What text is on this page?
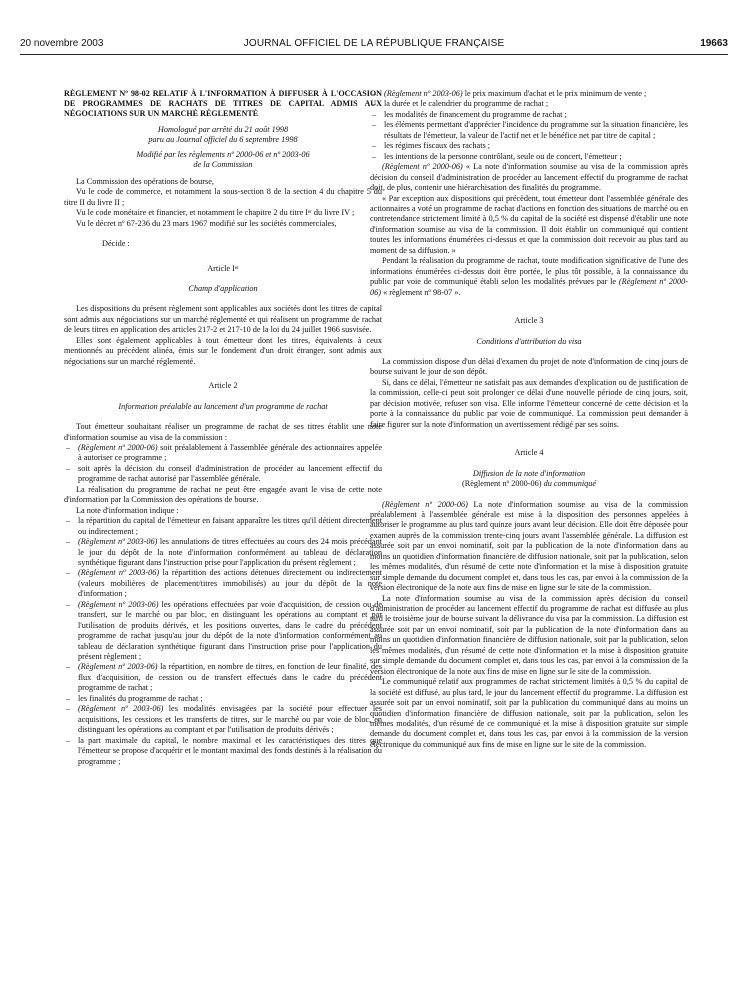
20 novembre 2003	JOURNAL OFFICIEL DE LA RÉPUBLIQUE FRANÇAISE	19663

RÈGLEMENT Nº 98-02 RELATIF À L'INFORMATION À DIFFUSER À L'OCCASION DE PROGRAMMES DE RACHATS DE TITRES DE CAPITAL ADMIS AUX NÉGOCIATIONS SUR UN MARCHÉ RÉGLEMENTÉ

Homologué par arrêté du 21 août 1998

paru au Journal officiel du 6 septembre 1998

Modifié par les règlements nº 2000-06 et nº 2003-06

de la Commission

La Commission des opérations de bourse,

Vu le code de commerce, et notamment la sous-section 8 de la section 4 du chapitre 5 du titre II du livre II ;

Vu le code monétaire et financier, et notamment le chapitre 2 du titre Iᵉʳ du livre IV ;

Vu le décret nº 67-236 du 23 mars 1967 modifié sur les sociétés commerciales,

Décide :

Article Iᵉʳ

Champ d'application

Les dispositions du présent règlement sont applicables aux sociétés dont les titres de capital sont admis aux négociations sur un marché réglementé et qui réalisent un programme de rachat de leurs titres en application des articles 217-2 et 217-10 de la loi du 24 juillet 1966 susvisée.

Elles sont également applicables à tout émetteur dont les titres, équivalents à ceux mentionnés au précédent alinéa, émis sur le fondement d'un droit étranger, sont admis aux négociations sur un marché réglementé.

Article 2

Information préalable au lancement d'un programme de rachat

Tout émetteur souhaitant réaliser un programme de rachat de ses titres établit une note d'information soumise au visa de la commission :

– (Règlement nº 2000-06) soit préalablement à l'assemblée générale des actionnaires appelée à autoriser ce programme ;
– soit après la décision du conseil d'administration de procéder au lancement effectif du programme de rachat autorisé par l'assemblée générale.

La réalisation du programme de rachat ne peut être engagée avant le visa de cette note d'information par la Commission des opérations de bourse.

La note d'information indique :

– la répartition du capital de l'émetteur en faisant apparaître les titres qu'il détient directement ou indirectement ;
– (Règlement nº 2003-06) les annulations de titres effectuées au cours des 24 mois précédant le jour du dépôt de la note d'information conformément au tableau de déclaration synthétique figurant dans l'instruction prise pour l'application du présent règlement ;
– (Règlement nº 2003-06) la répartition des actions détenues directement ou indirectement (valeurs mobilières de placement/titres immobilisés) au jour du dépôt de la note d'information ;
– (Règlement nº 2003-06) les opérations effectuées par voie d'acquisition, de cession ou de transfert, sur le marché ou par bloc, en distinguant les opérations au comptant et par l'utilisation de produits dérivés, et les positions ouvertes, dans le cadre du précédent programme de rachat jusqu'au jour du dépôt de la note d'information conformément au tableau de déclaration synthétique figurant dans l'instruction prise pour l'application du présent règlement ;
– (Règlement nº 2003-06) la répartition, en nombre de titres, en fonction de leur finalité, des flux d'acquisition, de cession ou de transfert effectués dans le cadre du précédent programme de rachat ;
– les finalités du programme de rachat ;
– (Règlement nº 2003-06) les modalités envisagées par la société pour effectuer les acquisitions, les cessions et les transferts de titres, sur le marché ou par voie de bloc, en distinguant les opérations au comptant et par l'utilisation de produits dérivés ;
– la part maximale du capital, le nombre maximal et les caractéristiques des titres que l'émetteur se propose d'acquérir et le montant maximal des fonds destinés à la réalisation du programme ;
– (Règlement nº 2003-06) le prix maximum d'achat et le prix minimum de vente ;
– la durée et le calendrier du programme de rachat ;
– les modalités de financement du programme de rachat ;
– les éléments permettant d'apprécier l'incidence du programme sur la situation financière, les résultats de l'émetteur, la valeur de l'actif net et le bénéfice net par titre de capital ;
– les régimes fiscaux des rachats ;
– les intentions de la personne contrôlant, seule ou de concert, l'émetteur ;

(Règlement nº 2000-06) « La note d'information soumise au visa de la commission après décision du conseil d'administration de procéder au lancement effectif du programme de rachat doit, de plus, contenir une hiérarchisation des finalités du programme.

« Par exception aux dispositions qui précèdent, tout émetteur dont l'assemblée générale des actionnaires a voté un programme de rachat d'actions en fonction des situations de marché ou en contretendance strictement limité à 0,5 % du capital de la société est dispensé d'établir une note d'information soumise au visa de la commission. Il doit établir un communiqué qui contient toutes les informations énumérées ci-dessus et que la commission doit recevoir au plus tard au moment de sa diffusion. »

Pendant la réalisation du programme de rachat, toute modification significative de l'une des informations énumérées ci-dessus doit être portée, le plus tôt possible, à la connaissance du public par voie de communiqué établi selon les modalités prévues par le (Règlement nº 2000-06) « règlement nº 98-07 ».

Article 3

Conditions d'attribution du visa

La commission dispose d'un délai d'examen du projet de note d'information de cinq jours de bourse suivant le jour de son dépôt.

Si, dans ce délai, l'émetteur ne satisfait pas aux demandes d'explication ou de justification de la commission, celle-ci peut soit prolonger ce délai d'une nouvelle période de cinq jours, soit, par décision motivée, refuser son visa. Elle informe l'émetteur concerné de cette décision et la porte à la connaissance du public par voie de communiqué. La commission peut demander à faire figurer sur la note d'information un avertissement rédigé par ses soins.

Article 4

Diffusion de la note d'information

(Règlement nº 2000-06) du communiqué

(Règlement nº 2000-06) La note d'information soumise au visa de la commission préalablement à l'assemblée générale est mise à la disposition des personnes appelées à autoriser le programme au plus tard quinze jours avant leur décision. Elle doit être déposée pour examen auprès de la commission trente-cinq jours avant l'assemblée générale. La diffusion est assurée soit par un envoi nominatif, soit par la publication de la note d'information dans au moins un quotidien d'information financière de diffusion nationale, soit par la publication, selon les mêmes modalités, d'un résumé de cette note d'information et la mise à disposition gratuite sur simple demande du document complet et, dans tous les cas, par envoi à la commission de la version électronique de la note aux fins de mise en ligne sur le site de la commission.

La note d'information soumise au visa de la commission après décision du conseil d'administration de procéder au lancement effectif du programme de rachat est diffusée au plus tard le troisième jour de bourse suivant la délivrance du visa par la commission. La diffusion est assurée soit par un envoi nominatif, soit par la publication de la note d'information dans au moins un quotidien d'information financière de diffusion nationale, soit par la publication, selon les mêmes modalités, d'un résumé de cette note d'information et la mise à disposition gratuite sur simple demande du document complet et, dans tous les cas, par envoi à la commission de la version électronique de la note aux fins de mise en ligne sur le site de la commission.

Le communiqué relatif aux programmes de rachat strictement limités à 0,5 % du capital de la société est diffusé, au plus tard, le jour du lancement effectif du programme. La diffusion est assurée soit par un envoi nominatif, soit par la publication du communiqué dans au moins un quotidien d'information financière de diffusion nationale, soit par la publication, selon les mêmes modalités, d'un résumé de ce communiqué et la mise à disposition gratuite sur simple demande du document complet et, dans tous les cas, par envoi à la commission de la version électronique du communiqué aux fins de mise en ligne sur le site de la commission.
